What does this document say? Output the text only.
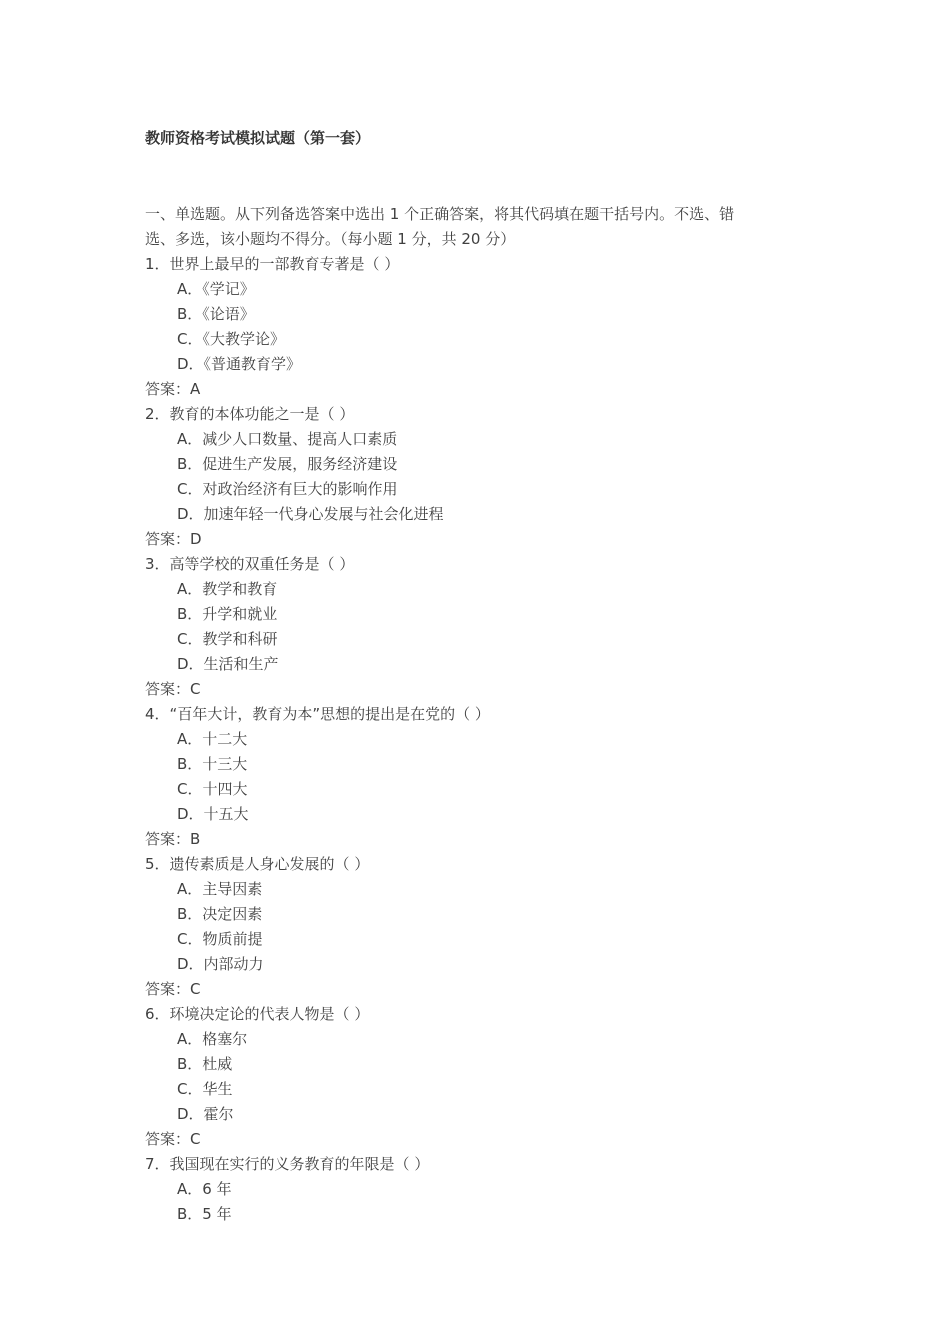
教师资格考试模拟试题（第一套）
一、单选题。从下列备选答案中选出 1 个正确答案，将其代码填在题干括号内。不选、错
选、多选，该小题均不得分。（每小题 1 分，共 20 分）
1．世界上最早的一部教育专著是（ ）
A．《学记》
B．《论语》
C．《大教学论》
D．《普通教育学》
答案：A
2．教育的本体功能之一是（ ）
A．减少人口数量、提高人口素质
B．促进生产发展，服务经济建设
C．对政治经济有巨大的影响作用
D．加速年轻一代身心发展与社会化进程
答案：D
3．高等学校的双重任务是（ ）
A．教学和教育
B．升学和就业
C．教学和科研
D．生活和生产
答案：C
4．“百年大计，教育为本”思想的提出是在党的（ ）
A．十二大
B．十三大
C．十四大
D．十五大
答案：B
5．遗传素质是人身心发展的（ ）
A．主导因素
B．决定因素
C．物质前提
D．内部动力
答案：C
6．环境决定论的代表人物是（ ）
A．格塞尔
B．杜威
C．华生
D．霍尔
答案：C
7．我国现在实行的义务教育的年限是（ ）
A．6 年
B．5 年
